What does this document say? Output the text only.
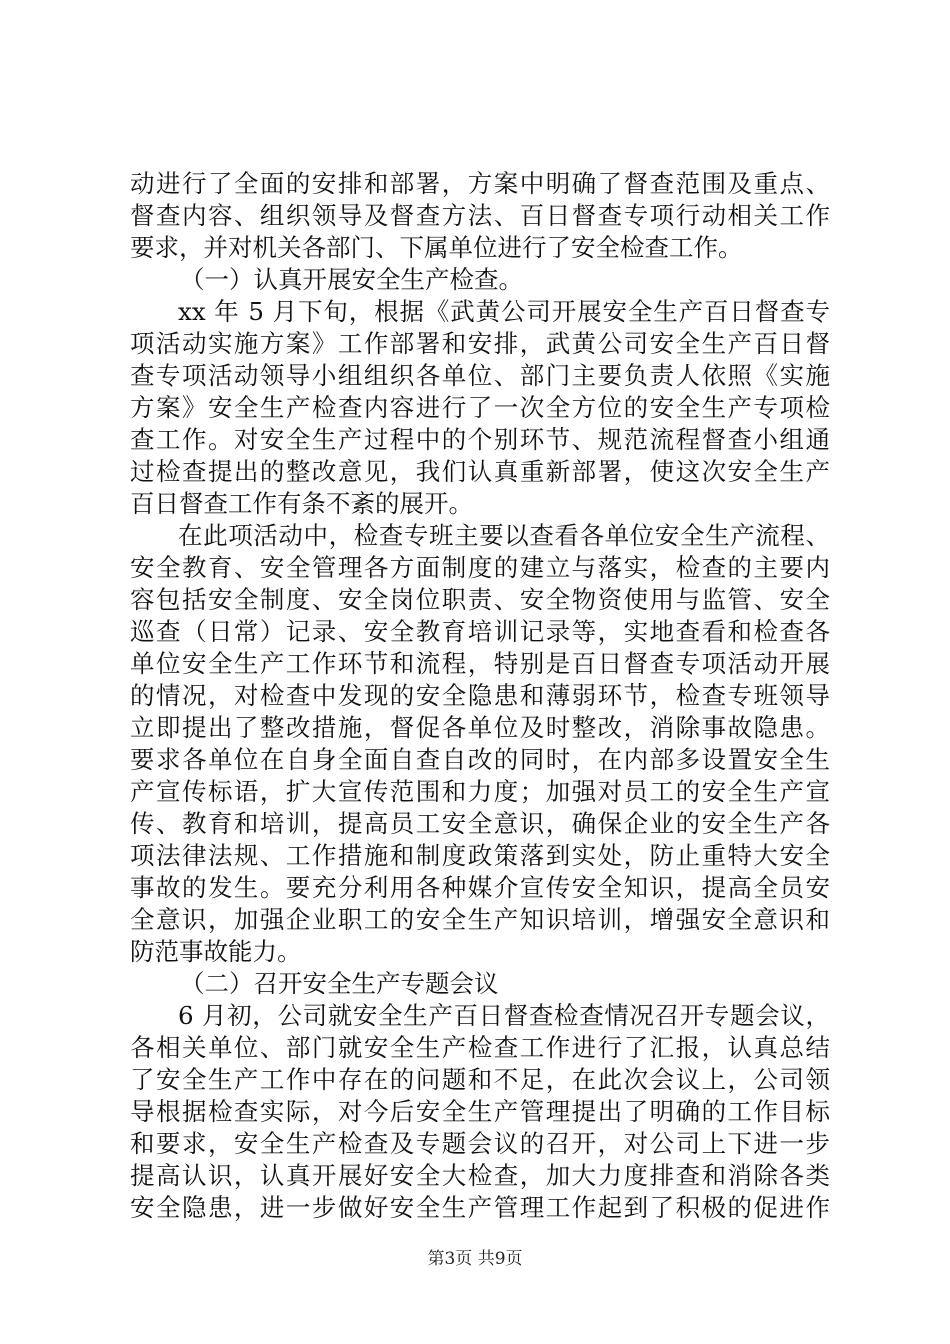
动进行了全面的安排和部署，方案中明确了督查范围及重点、
督查内容、组织领导及督查方法、百日督查专项行动相关工作
要求，并对机关各部门、下属单位进行了安全检查工作。
（一）认真开展安全生产检查。
xx 年 5 月下旬，根据《武黄公司开展安全生产百日督查专
项活动实施方案》工作部署和安排，武黄公司安全生产百日督
查专项活动领导小组组织各单位、部门主要负责人依照《实施
方案》安全生产检查内容进行了一次全方位的安全生产专项检
查工作。对安全生产过程中的个别环节、规范流程督查小组通
过检查提出的整改意见，我们认真重新部署，使这次安全生产
百日督查工作有条不紊的展开。
在此项活动中，检查专班主要以查看各单位安全生产流程、
安全教育、安全管理各方面制度的建立与落实，检查的主要内
容包括安全制度、安全岗位职责、安全物资使用与监管、安全
巡查（日常）记录、安全教育培训记录等，实地查看和检查各
单位安全生产工作环节和流程，特别是百日督查专项活动开展
的情况，对检查中发现的安全隐患和薄弱环节，检查专班领导
立即提出了整改措施，督促各单位及时整改，消除事故隐患。
要求各单位在自身全面自查自改的同时，在内部多设置安全生
产宣传标语，扩大宣传范围和力度；加强对员工的安全生产宣
传、教育和培训，提高员工安全意识，确保企业的安全生产各
项法律法规、工作措施和制度政策落到实处，防止重特大安全
事故的发生。要充分利用各种媒介宣传安全知识，提高全员安
全意识，加强企业职工的安全生产知识培训，增强安全意识和
防范事故能力。
（二）召开安全生产专题会议
6 月初，公司就安全生产百日督查检查情况召开专题会议，
各相关单位、部门就安全生产检查工作进行了汇报，认真总结
了安全生产工作中存在的问题和不足，在此次会议上，公司领
导根据检查实际，对今后安全生产管理提出了明确的工作目标
和要求，安全生产检查及专题会议的召开，对公司上下进一步
提高认识，认真开展好安全大检查，加大力度排查和消除各类
安全隐患，进一步做好安全生产管理工作起到了积极的促进作
第3页 共9页
